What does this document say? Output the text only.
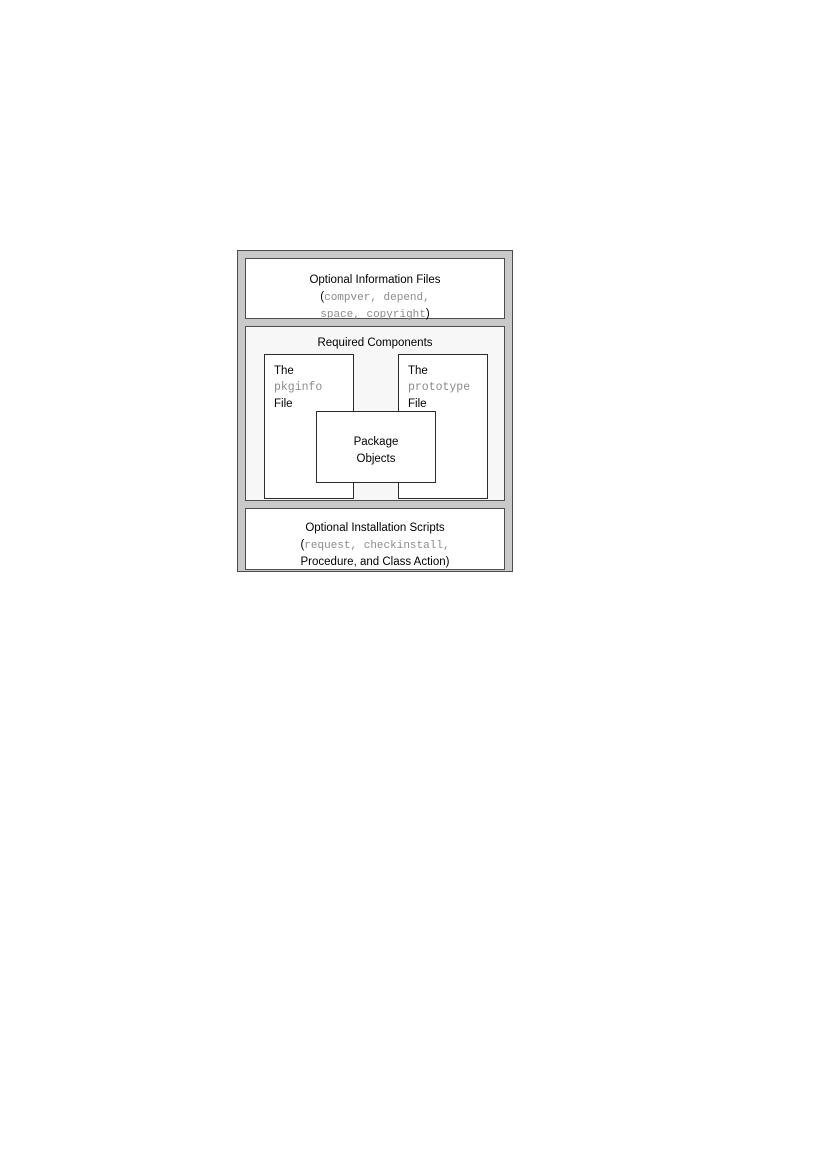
Optional Information Files
(compver, depend,
space, copyright)
Required Components
The
pkginfo
File
The
prototype
File
Package
Objects
Optional Installation Scripts
(request, checkinstall,
Procedure, and Class Action)
